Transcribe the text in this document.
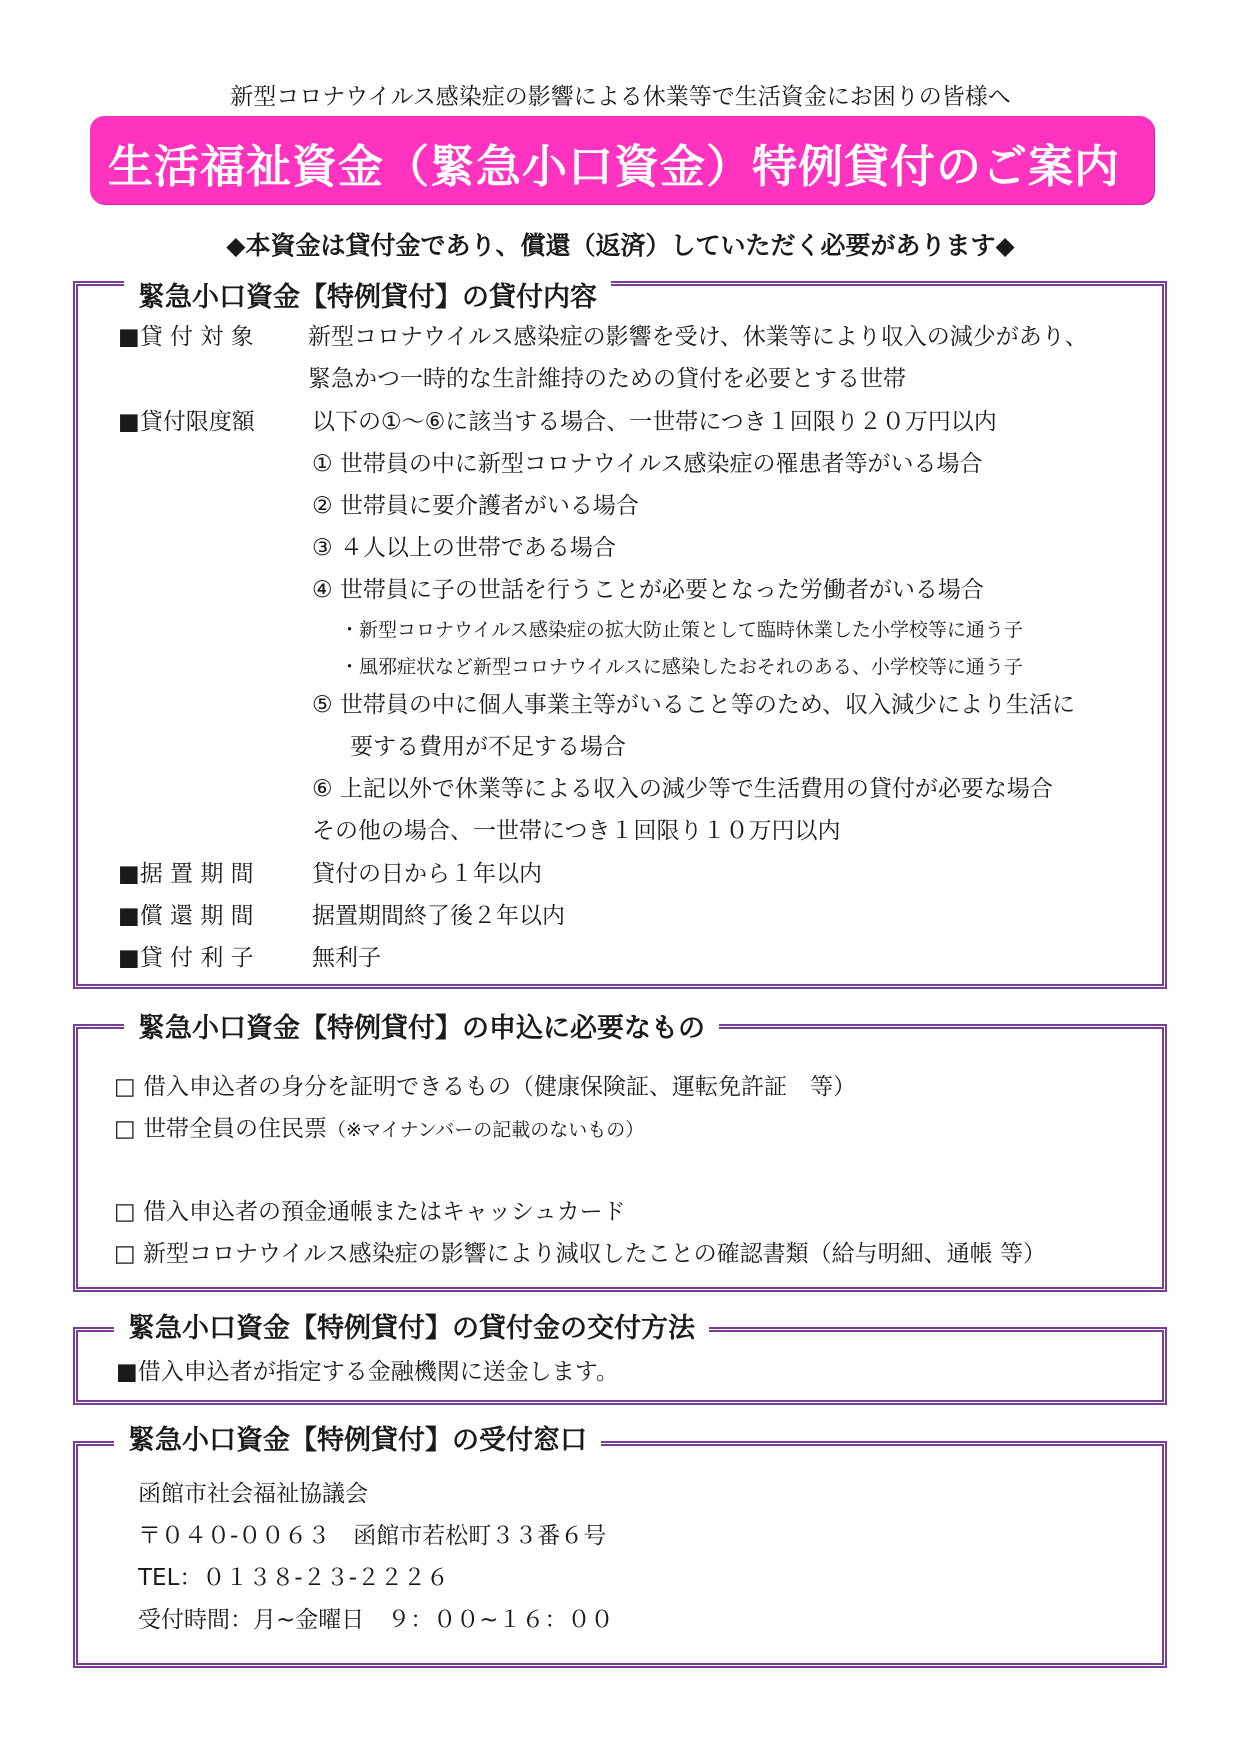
新型コロナウイルス感染症の影響による休業等で生活資金にお困りの皆様へ
生活福祉資金（緊急小口資金）特例貸付のご案内
◆本資金は貸付金であり、償還（返済）していただく必要があります◆
緊急小口資金【特例貸付】の貸付内容
■貸 付 対 象 新型コロナウイルス感染症の影響を受け、休業等により収入の減少があり、
緊急かつ一時的な生計維持のための貸付を必要とする世帯
■貸付限度額 以下の①～⑥に該当する場合、一世帯につき１回限り２０万円以内
① 世帯員の中に新型コロナウイルス感染症の罹患者等がいる場合
② 世帯員に要介護者がいる場合
③ ４人以上の世帯である場合
④ 世帯員に子の世話を行うことが必要となった労働者がいる場合
・新型コロナウイルス感染症の拡大防止策として臨時休業した小学校等に通う子
・風邪症状など新型コロナウイルスに感染したおそれのある、小学校等に通う子
⑤ 世帯員の中に個人事業主等がいること等のため、収入減少により生活に
要する費用が不足する場合
⑥ 上記以外で休業等による収入の減少等で生活費用の貸付が必要な場合
その他の場合、一世帯につき１回限り１０万円以内
■据 置 期 間	貸付の日から１年以内
■償 還 期 間	据置期間終了後２年以内
■貸 付 利 子	無利子
緊急小口資金【特例貸付】の申込に必要なもの
□ 借入申込者の身分を証明できるもの（健康保険証、運転免許証　等）
□ 世帯全員の住民票（※マイナンバーの記載のないもの）
□ 借入申込者の預金通帳またはキャッシュカード
□ 新型コロナウイルス感染症の影響により減収したことの確認書類（給与明細、通帳 等）
緊急小口資金【特例貸付】の貸付金の交付方法
■借入申込者が指定する金融機関に送金します。
緊急小口資金【特例貸付】の受付窓口
函館市社会福祉協議会
〒０４０-００６３　函館市若松町３３番６号
TEL：０１３８-２３-２２２６
受付時間：月~金曜日　９：００~１６：００
